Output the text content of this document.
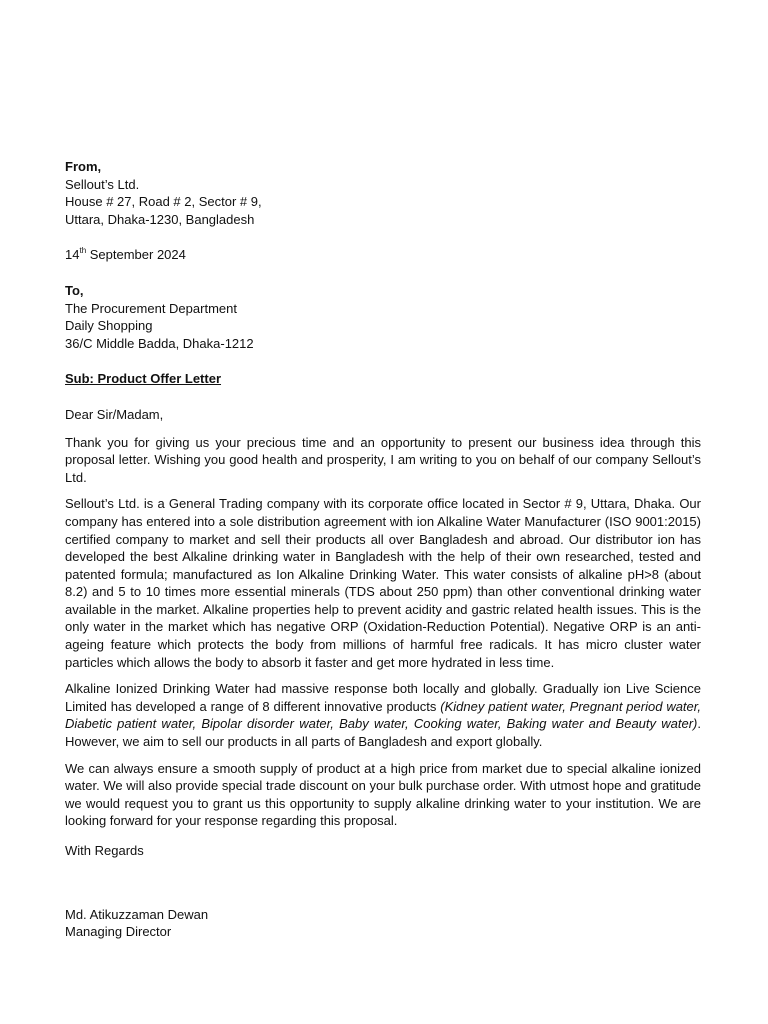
From,
Sellout’s Ltd.
House # 27, Road # 2, Sector # 9,
Uttara, Dhaka-1230, Bangladesh
14th September 2024
To,
The Procurement Department
Daily Shopping
36/C Middle Badda, Dhaka-1212
Sub: Product Offer Letter

Dear Sir/Madam,

Thank you for giving us your precious time and an opportunity to present our business idea through this proposal letter. Wishing you good health and prosperity, I am writing to you on behalf of our company Sellout’s Ltd.

Sellout’s Ltd. is a General Trading company with its corporate office located in Sector # 9, Uttara, Dhaka. Our company has entered into a sole distribution agreement with ion Alkaline Water Manufacturer (ISO 9001:2015) certified company to market and sell their products all over Bangladesh and abroad. Our distributor ion has developed the best Alkaline drinking water in Bangladesh with the help of their own researched, tested and patented formula; manufactured as Ion Alkaline Drinking Water. This water consists of alkaline pH>8 (about 8.2) and 5 to 10 times more essential minerals (TDS about 250 ppm) than other conventional drinking water available in the market. Alkaline properties help to prevent acidity and gastric related health issues. This is the only water in the market which has negative ORP (Oxidation-Reduction Potential). Negative ORP is an anti-ageing feature which protects the body from millions of harmful free radicals. It has micro cluster water particles which allows the body to absorb it faster and get more hydrated in less time.

Alkaline Ionized Drinking Water had massive response both locally and globally. Gradually ion Live Science Limited has developed a range of 8 different innovative products (Kidney patient water, Pregnant period water, Diabetic patient water, Bipolar disorder water, Baby water, Cooking water, Baking water and Beauty water). However, we aim to sell our products in all parts of Bangladesh and export globally.

We can always ensure a smooth supply of product at a high price from market due to special alkaline ionized water. We will also provide special trade discount on your bulk purchase order. With utmost hope and gratitude we would request you to grant us this opportunity to supply alkaline drinking water to your institution. We are looking forward for your response regarding this proposal.

With Regards
Md. Atikuzzaman Dewan
Managing Director
